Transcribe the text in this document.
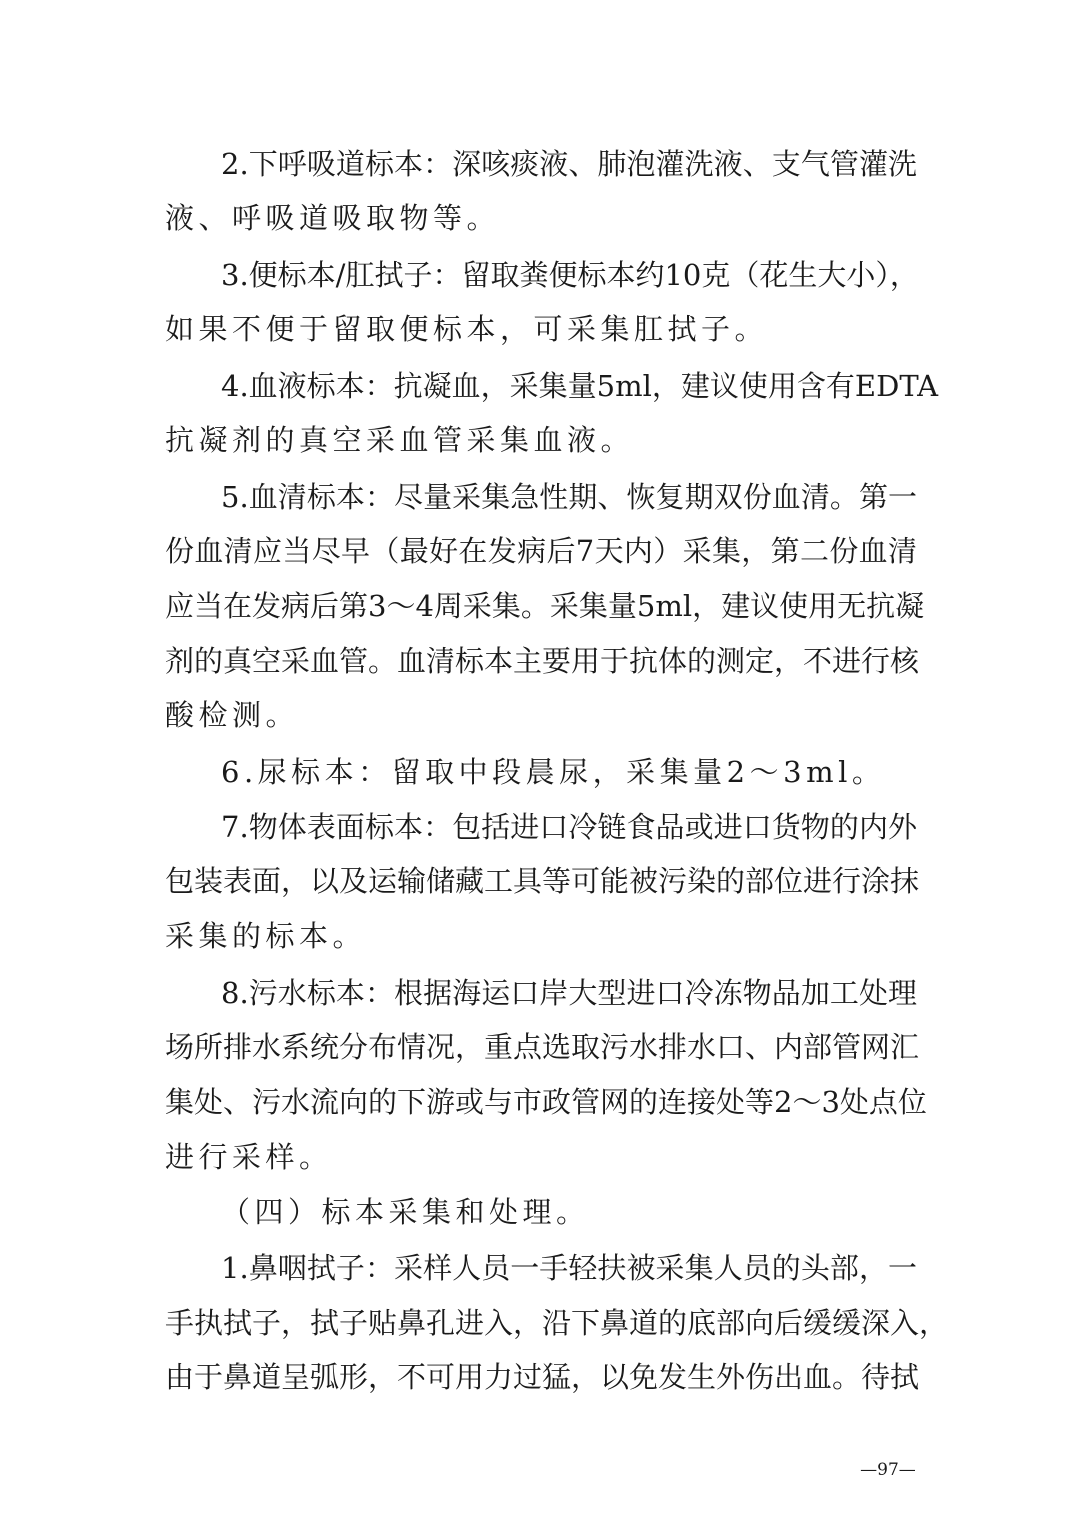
2.下呼吸道标本：深咳痰液、肺泡灌洗液、支气管灌洗
液、呼吸道吸取物等。
3.便标本/肛拭子：留取粪便标本约10克（花生大小），
如果不便于留取便标本，可采集肛拭子。
4.血液标本：抗凝血，采集量5ml，建议使用含有EDTA
抗凝剂的真空采血管采集血液。
5.血清标本：尽量采集急性期、恢复期双份血清。第一
份血清应当尽早（最好在发病后7天内）采集，第二份血清
应当在发病后第3～4周采集。采集量5ml，建议使用无抗凝
剂的真空采血管。血清标本主要用于抗体的测定，不进行核
酸检测。
6.尿标本：留取中段晨尿，采集量2～3ml。
7.物体表面标本：包括进口冷链食品或进口货物的内外
包装表面，以及运输储藏工具等可能被污染的部位进行涂抹
采集的标本。
8.污水标本：根据海运口岸大型进口冷冻物品加工处理
场所排水系统分布情况，重点选取污水排水口、内部管网汇
集处、污水流向的下游或与市政管网的连接处等2～3处点位
进行采样。
（四）标本采集和处理。
1.鼻咽拭子：采样人员一手轻扶被采集人员的头部，一
手执拭子，拭子贴鼻孔进入，沿下鼻道的底部向后缓缓深入，
由于鼻道呈弧形，不可用力过猛，以免发生外伤出血。待拭
—97—
